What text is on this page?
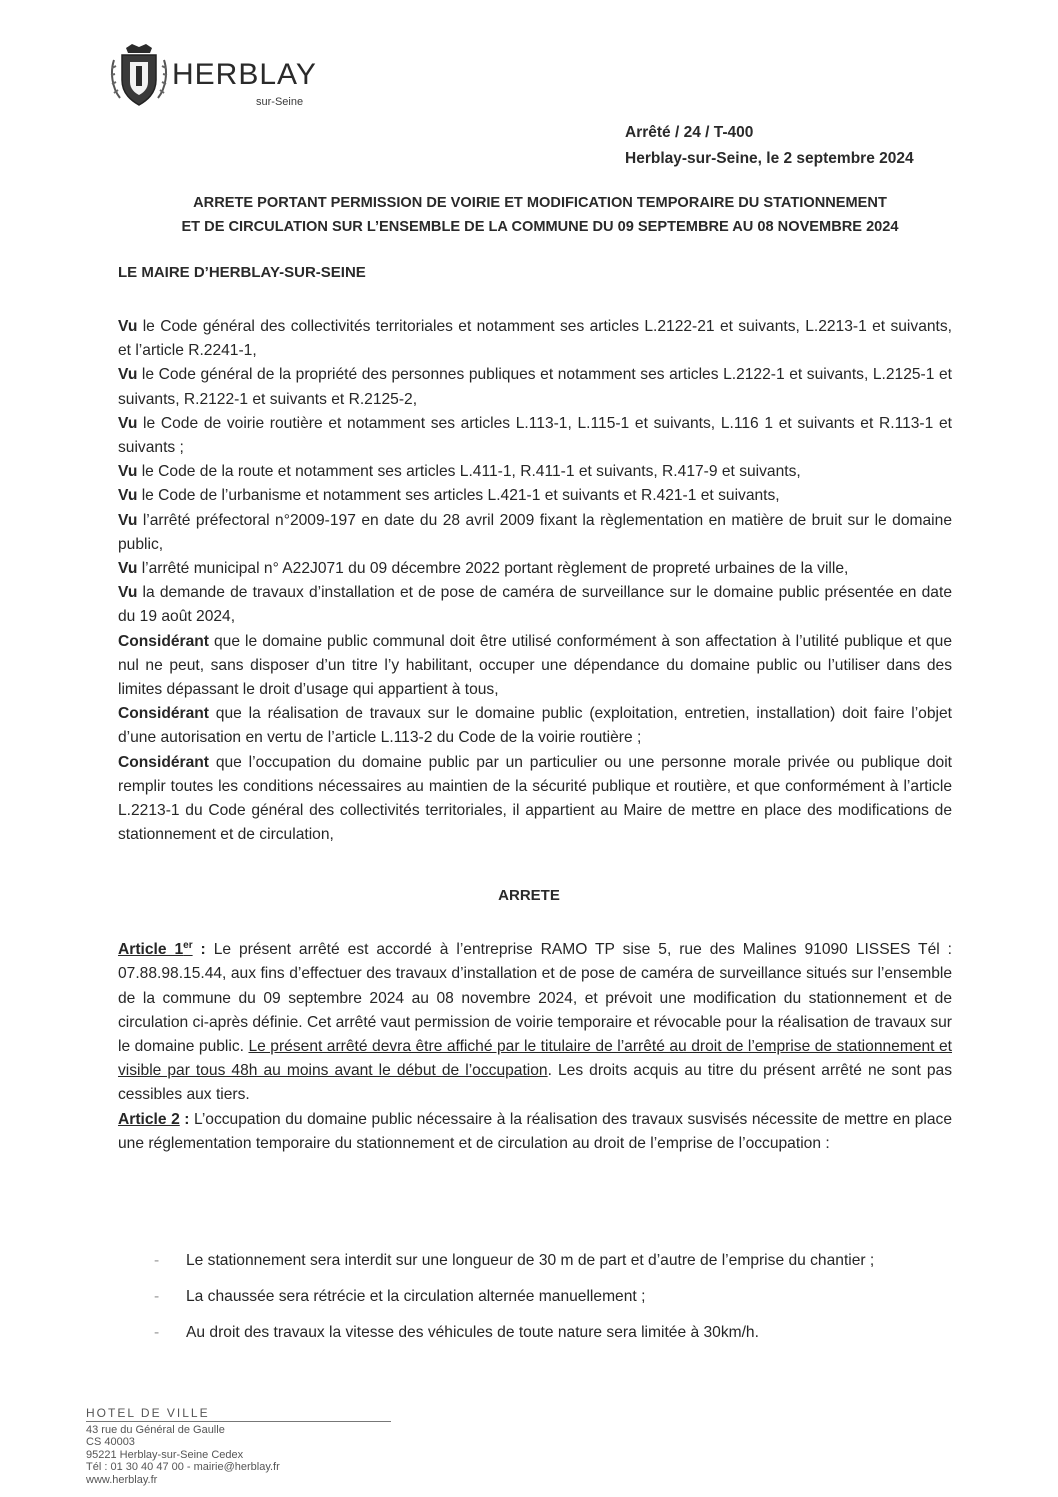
HERBLAY
sur-Seine
Arrêté / 24 / T-400
Herblay-sur-Seine, le 2 septembre 2024
ARRETE PORTANT PERMISSION DE VOIRIE ET MODIFICATION TEMPORAIRE DU STATIONNEMENT
ET DE CIRCULATION SUR L’ENSEMBLE DE LA COMMUNE DU 09 SEPTEMBRE AU 08 NOVEMBRE 2024
LE MAIRE D’HERBLAY-SUR-SEINE

Vu le Code général des collectivités territoriales et notamment ses articles L.2122-21 et suivants, L.2213-1 et suivants, et l’article R.2241-1,

Vu le Code général de la propriété des personnes publiques et notamment ses articles L.2122-1 et suivants, L.2125-1 et suivants, R.2122-1 et suivants et R.2125-2,

Vu le Code de voirie routière et notamment ses articles L.113-1, L.115-1 et suivants, L.116 1 et suivants et R.113-1 et suivants ;

Vu le Code de la route et notamment ses articles L.411-1, R.411-1 et suivants, R.417-9 et suivants,

Vu le Code de l’urbanisme et notamment ses articles L.421-1 et suivants et R.421-1 et suivants,

Vu l’arrêté préfectoral n°2009-197 en date du 28 avril 2009 fixant la règlementation en matière de bruit sur le domaine public,

Vu l’arrêté municipal n° A22J071 du 09 décembre 2022 portant règlement de propreté urbaines de la ville,

Vu la demande de travaux d’installation et de pose de caméra de surveillance sur le domaine public présentée en date du 19 août 2024,

Considérant que le domaine public communal doit être utilisé conformément à son affectation à l’utilité publique et que nul ne peut, sans disposer d’un titre l’y habilitant, occuper une dépendance du domaine public ou l’utiliser dans des limites dépassant le droit d’usage qui appartient à tous,

Considérant que la réalisation de travaux sur le domaine public (exploitation, entretien, installation) doit faire l’objet d’une autorisation en vertu de l’article L.113-2 du Code de la voirie routière ;

Considérant que l’occupation du domaine public par un particulier ou une personne morale privée ou publique doit remplir toutes les conditions nécessaires au maintien de la sécurité publique et routière, et que conformément à l’article L.2213-1 du Code général des collectivités territoriales, il appartient au Maire de mettre en place des modifications de stationnement et de circulation,

ARRETE

Article 1er : Le présent arrêté est accordé à l’entreprise RAMO TP sise 5, rue des Malines 91090 LISSES Tél : 07.88.98.15.44, aux fins d’effectuer des travaux d’installation et de pose de caméra de surveillance situés sur l’ensemble de la commune du 09 septembre 2024 au 08 novembre 2024, et prévoit une modification du stationnement et de circulation ci-après définie. Cet arrêté vaut permission de voirie temporaire et révocable pour la réalisation de travaux sur le domaine public. Le présent arrêté devra être affiché par le titulaire de l’arrêté au droit de l’emprise de stationnement et visible par tous 48h au moins avant le début de l’occupation. Les droits acquis au titre du présent arrêté ne sont pas cessibles aux tiers.

Article 2 : L’occupation du domaine public nécessaire à la réalisation des travaux susvisés nécessite de mettre en place une réglementation temporaire du stationnement et de circulation au droit de l’emprise de l’occupation :

- Le stationnement sera interdit sur une longueur de 30 m de part et d’autre de l’emprise du chantier ;
- La chaussée sera rétrécie et la circulation alternée manuellement ;
- Au droit des travaux la vitesse des véhicules de toute nature sera limitée à 30km/h.
HOTEL DE VILLE
43 rue du Général de Gaulle
CS 40003
95221 Herblay-sur-Seine Cedex
Tél : 01 30 40 47 00 - mairie@herblay.fr
www.herblay.fr
